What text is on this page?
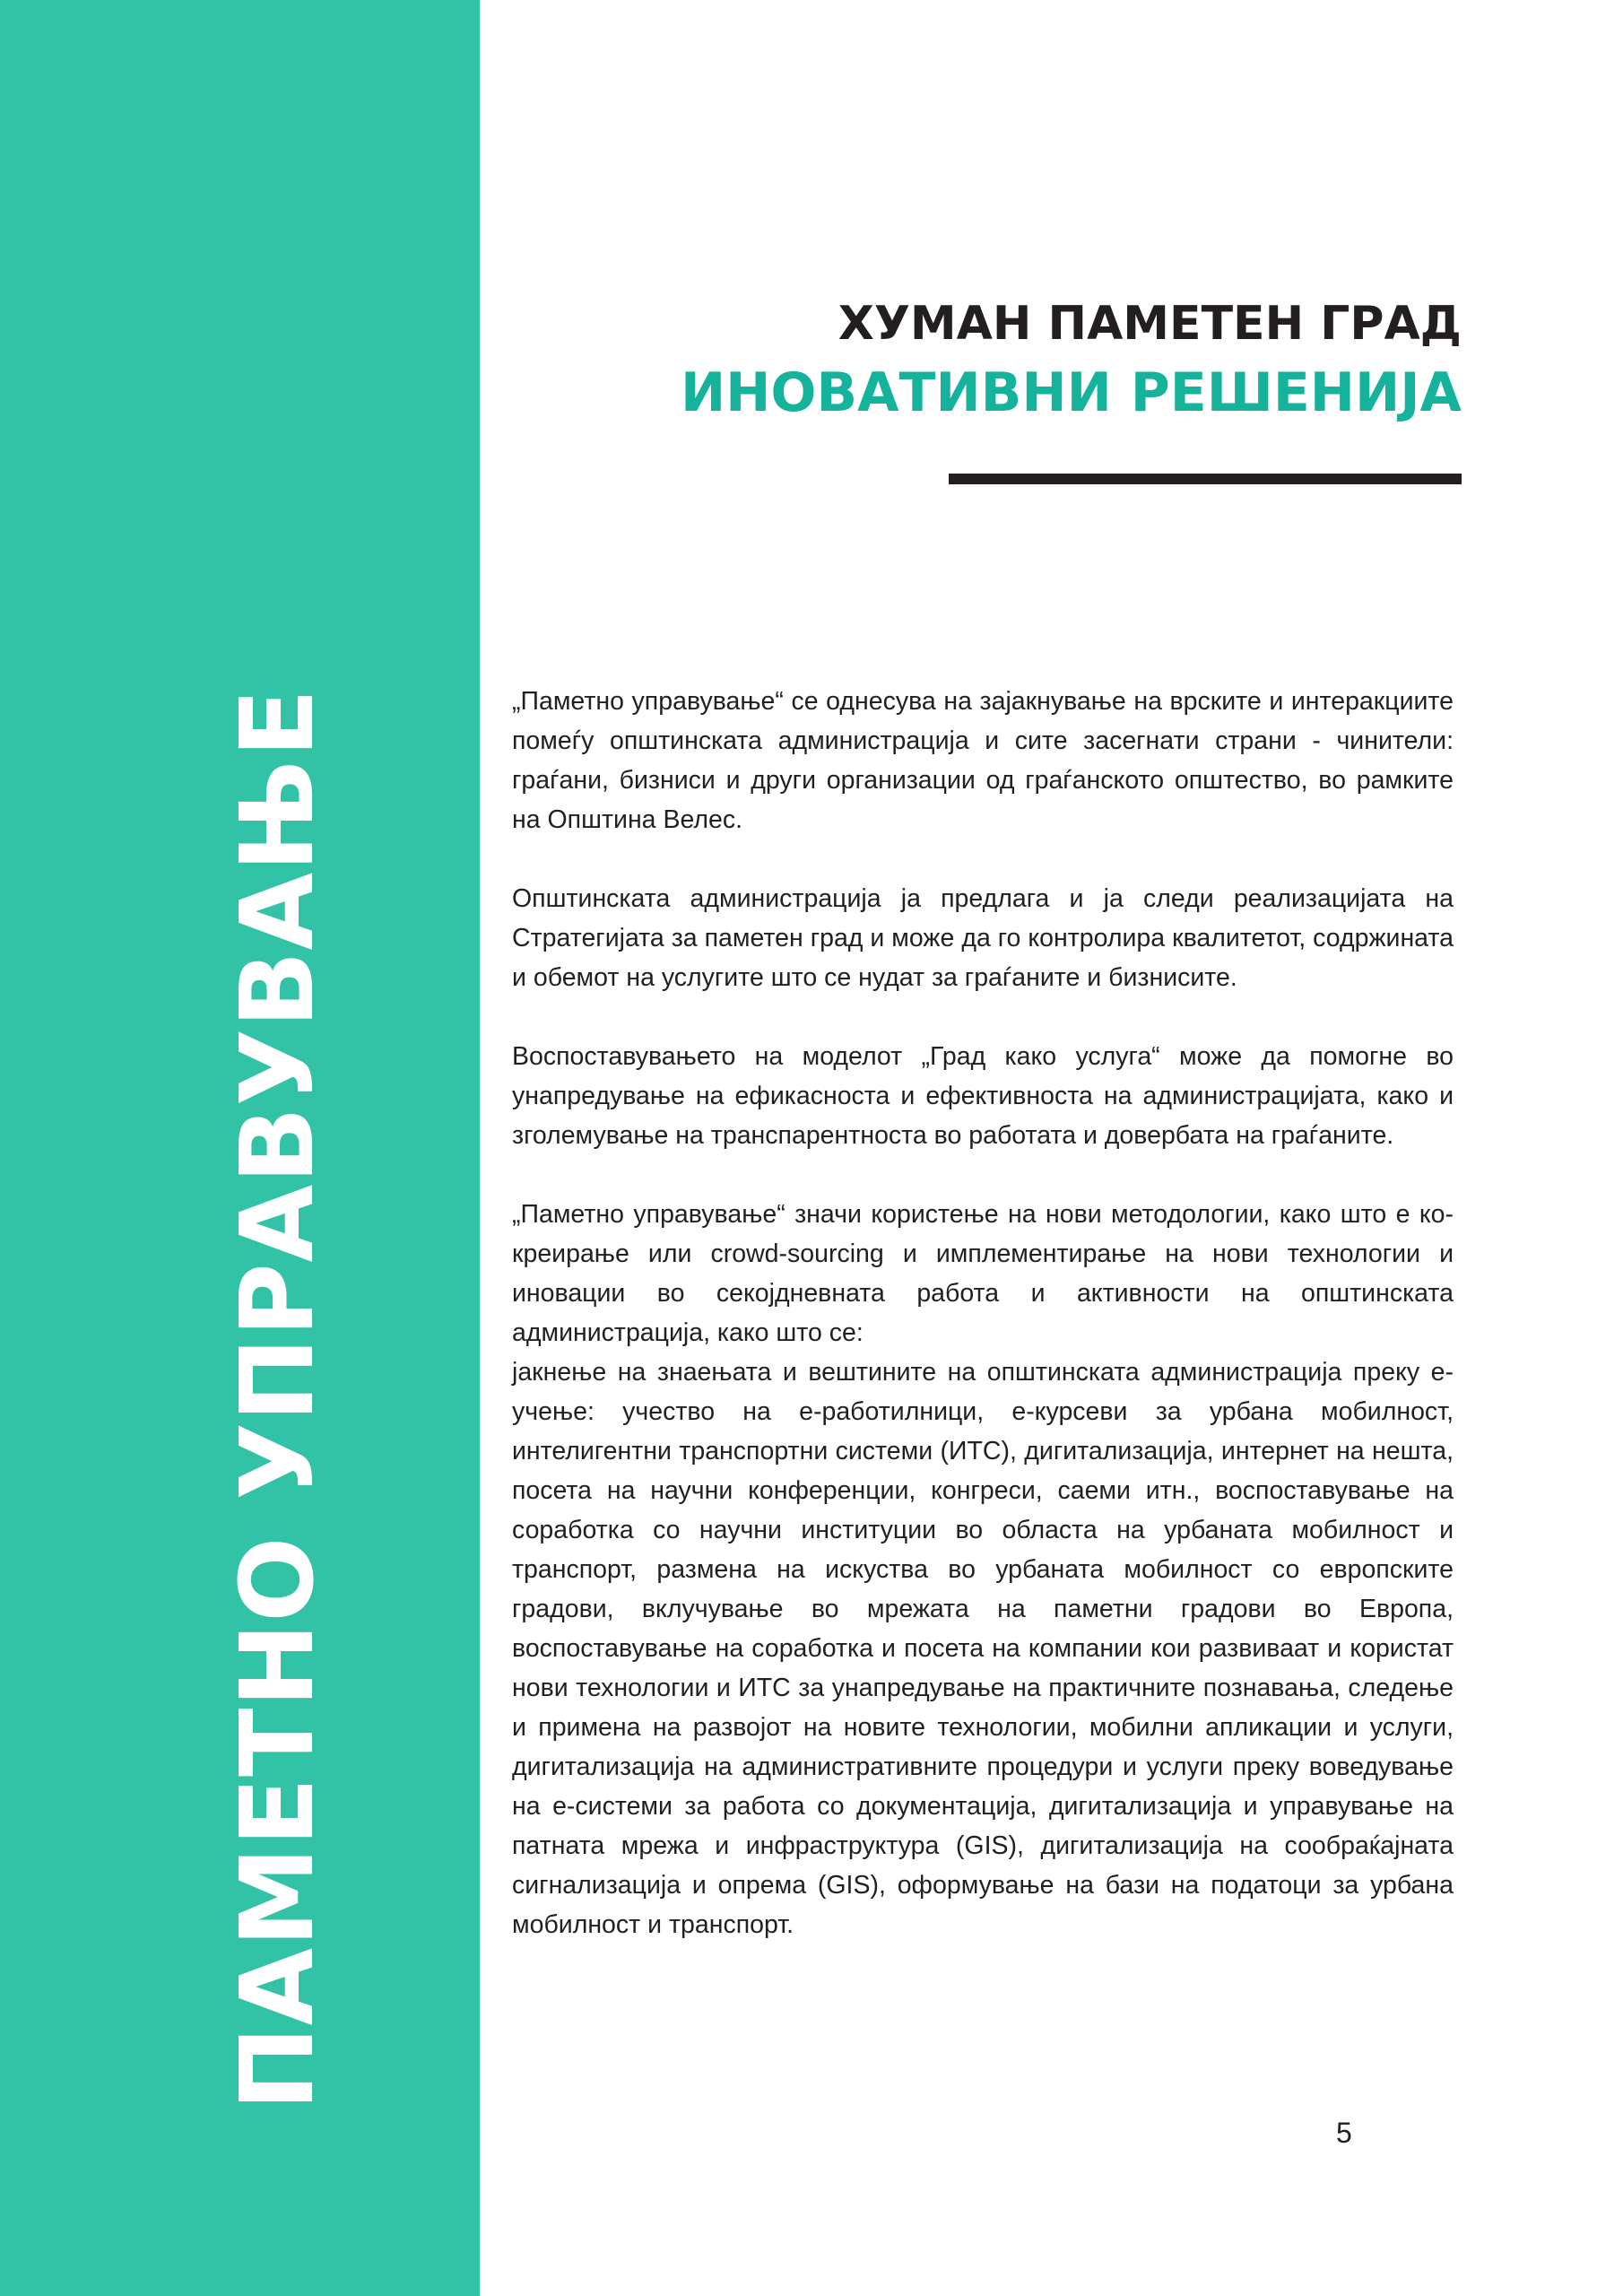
ПАМЕТНО УПРАВУВАЊЕ
ХУМАН ПАМЕТЕН ГРАД
ИНОВАТИВНИ РЕШЕНИЈА

„Паметно управување“ се однесува на зајакнување на врските и интеракциите помеѓу општинската администрација и сите засегнати страни - чинители: граѓани, бизниси и други организации од граѓанското општество, во рамките на Општина Велес.

Општинската администрација ја предлага и ја следи реализацијата на Стратегијата за паметен град и може да го контролира квалитетот, содржината и обемот на услугите што се нудат за граѓаните и бизнисите.

Воспоставувањето на моделот „Град како услуга“ може да помогне во унапредување на ефикасноста и ефективноста на администрацијата, како и зголемување на транспарентноста во работата и довербата на граѓаните.

„Паметно управување“ значи користење на нови методологии, како што е ко-креирање или crowd-sourcing и имплементирање на нови технологии и иновации во секојдневната работа и активности на општинската администрација, како што се:

јакнење на знаењата и вештините на општинската администрација преку е-учење: учество на е-работилници, е-курсеви за урбана мобилност, интелигентни транспортни системи (ИТС), дигитализација, интернет на нешта, посета на научни конференции, конгреси, саеми итн., воспоставување на соработка со научни институции во областа на урбаната мобилност и транспорт, размена на искуства во урбаната мобилност со европските градови, вклучување во мрежата на паметни градови во Европа, воспоставување на соработка и посета на компании кои развиваат и користат нови технологии и ИТС за унапредување на практичните познавања, следење и примена на развојот на новите технологии, мобилни апликации и услуги, дигитализација на административните процедури и услуги преку воведување на е-системи за работа со документација, дигитализација и управување на патната мрежа и инфраструктура (GIS), дигитализација на сообраќајната сигнализација и опрема (GIS), оформување на бази на податоци за урбана мобилност и транспорт.

5
